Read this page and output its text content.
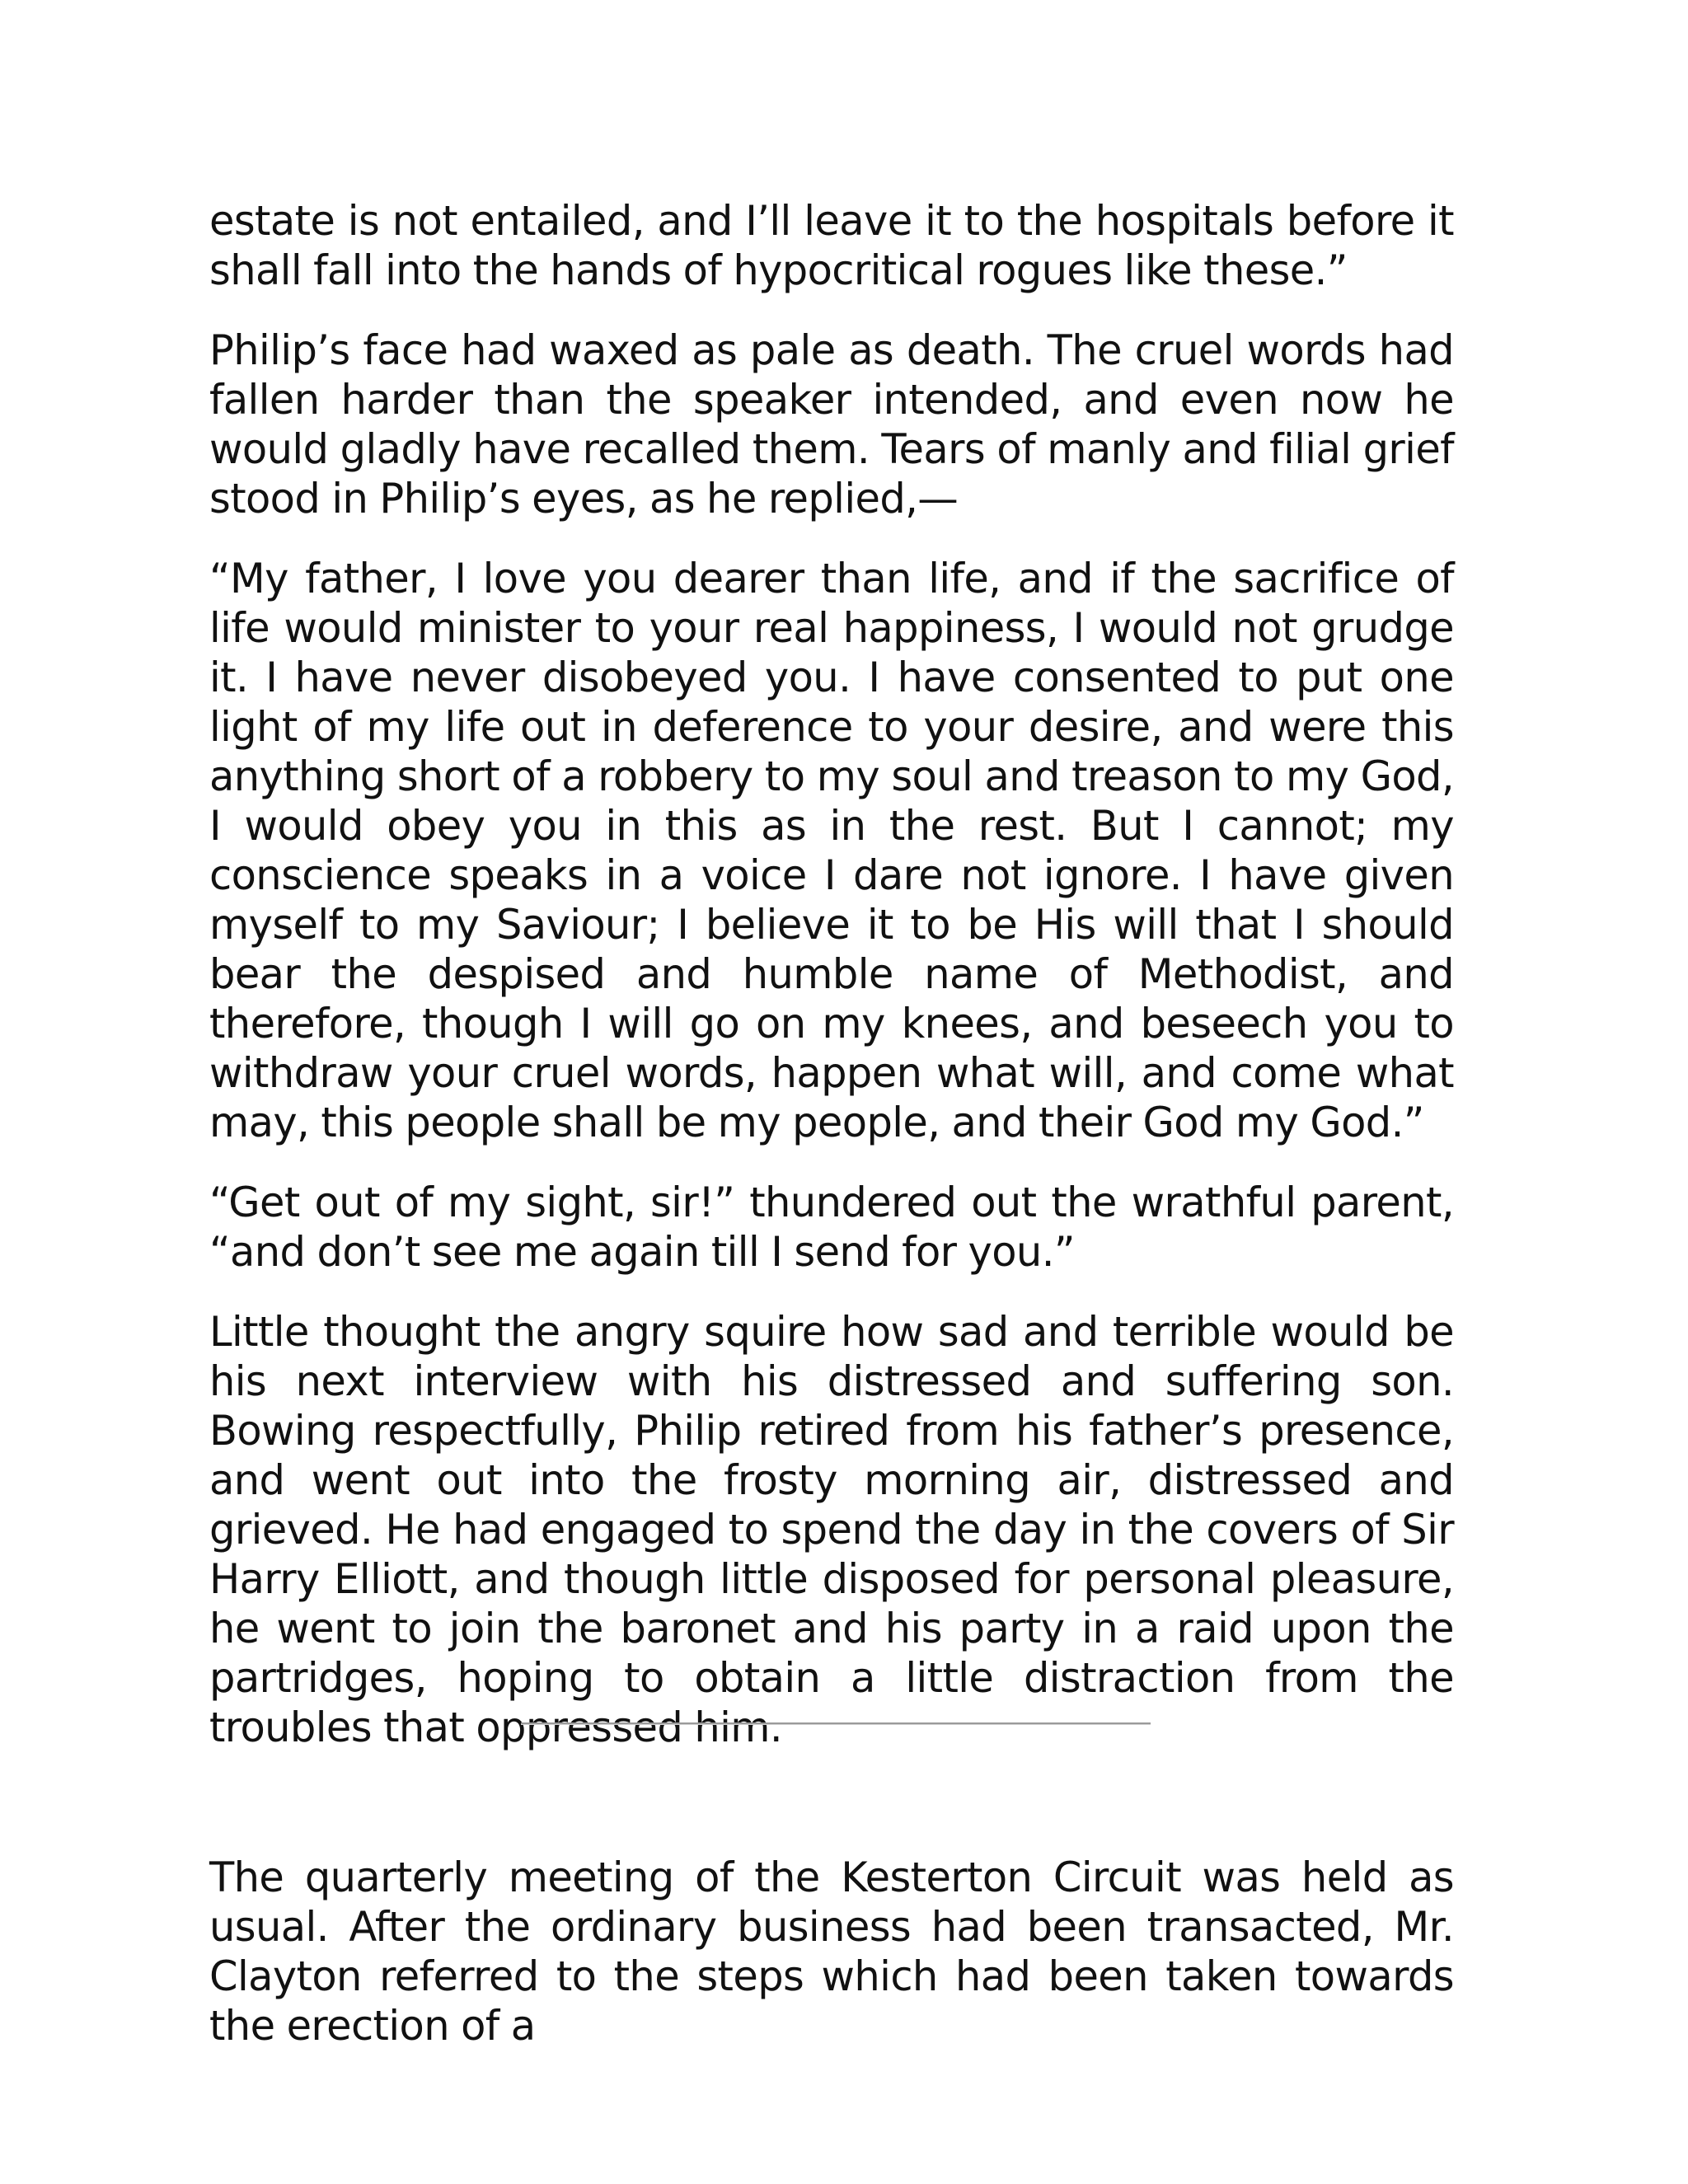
estate is not entailed, and I’ll leave it to the hospitals before it shall fall into the hands of hypocritical rogues like these.”

Philip’s face had waxed as pale as death. The cruel words had fallen harder than the speaker intended, and even now he would gladly have recalled them. Tears of manly and filial grief stood in Philip’s eyes, as he replied,—

“My father, I love you dearer than life, and if the sacrifice of life would minister to your real happiness, I would not grudge it. I have never disobeyed you. I have consented to put one light of my life out in deference to your desire, and were this anything short of a robbery to my soul and treason to my God, I would obey you in this as in the rest. But I cannot; my conscience speaks in a voice I dare not ignore. I have given myself to my Saviour; I believe it to be His will that I should bear the despised and humble name of Methodist, and therefore, though I will go on my knees, and beseech you to withdraw your cruel words, happen what will, and come what may, this people shall be my people, and their God my God.”

“Get out of my sight, sir!” thundered out the wrathful parent, “and don’t see me again till I send for you.”

Little thought the angry squire how sad and terrible would be his next interview with his distressed and suffering son. Bowing respectfully, Philip retired from his father’s presence, and went out into the frosty morning air, distressed and grieved. He had engaged to spend the day in the covers of Sir Harry Elliott, and though little disposed for personal pleasure, he went to join the baronet and his party in a raid upon the partridges, hoping to obtain a little distraction from the troubles that oppressed him.

The quarterly meeting of the Kesterton Circuit was held as usual. After the ordinary business had been transacted, Mr. Clayton referred to the steps which had been taken towards the erection of a
